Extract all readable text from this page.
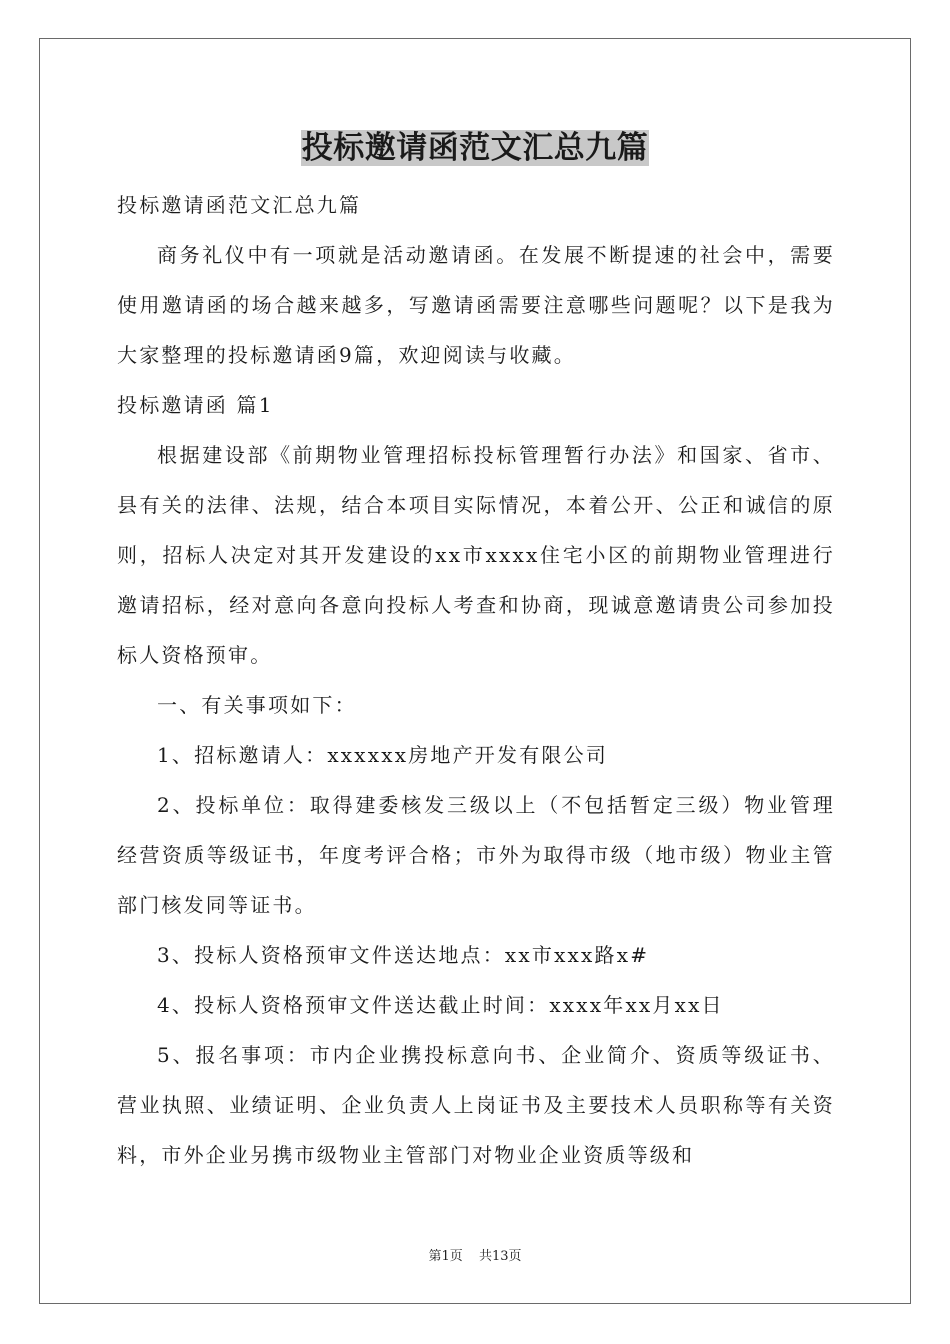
投标邀请函范文汇总九篇

投标邀请函范文汇总九篇

商务礼仪中有一项就是活动邀请函。在发展不断提速的社会中，需要使用邀请函的场合越来越多，写邀请函需要注意哪些问题呢？以下是我为大家整理的投标邀请函9篇，欢迎阅读与收藏。

投标邀请函 篇1

根据建设部《前期物业管理招标投标管理暂行办法》和国家、省市、县有关的法律、法规，结合本项目实际情况，本着公开、公正和诚信的原则，招标人决定对其开发建设的xx市xxxx住宅小区的前期物业管理进行邀请招标，经对意向各意向投标人考查和协商，现诚意邀请贵公司参加投标人资格预审。

一、有关事项如下：

1、招标邀请人：xxxxxx房地产开发有限公司

2、投标单位：取得建委核发三级以上（不包括暂定三级）物业管理经营资质等级证书，年度考评合格；市外为取得市级（地市级）物业主管部门核发同等证书。

3、投标人资格预审文件送达地点：xx市xxx路x#

4、投标人资格预审文件送达截止时间：xxxx年xx月xx日

5、报名事项：市内企业携投标意向书、企业简介、资质等级证书、营业执照、业绩证明、企业负责人上岗证书及主要技术人员职称等有关资料，市外企业另携市级物业主管部门对物业企业资质等级和

第1页 共13页
